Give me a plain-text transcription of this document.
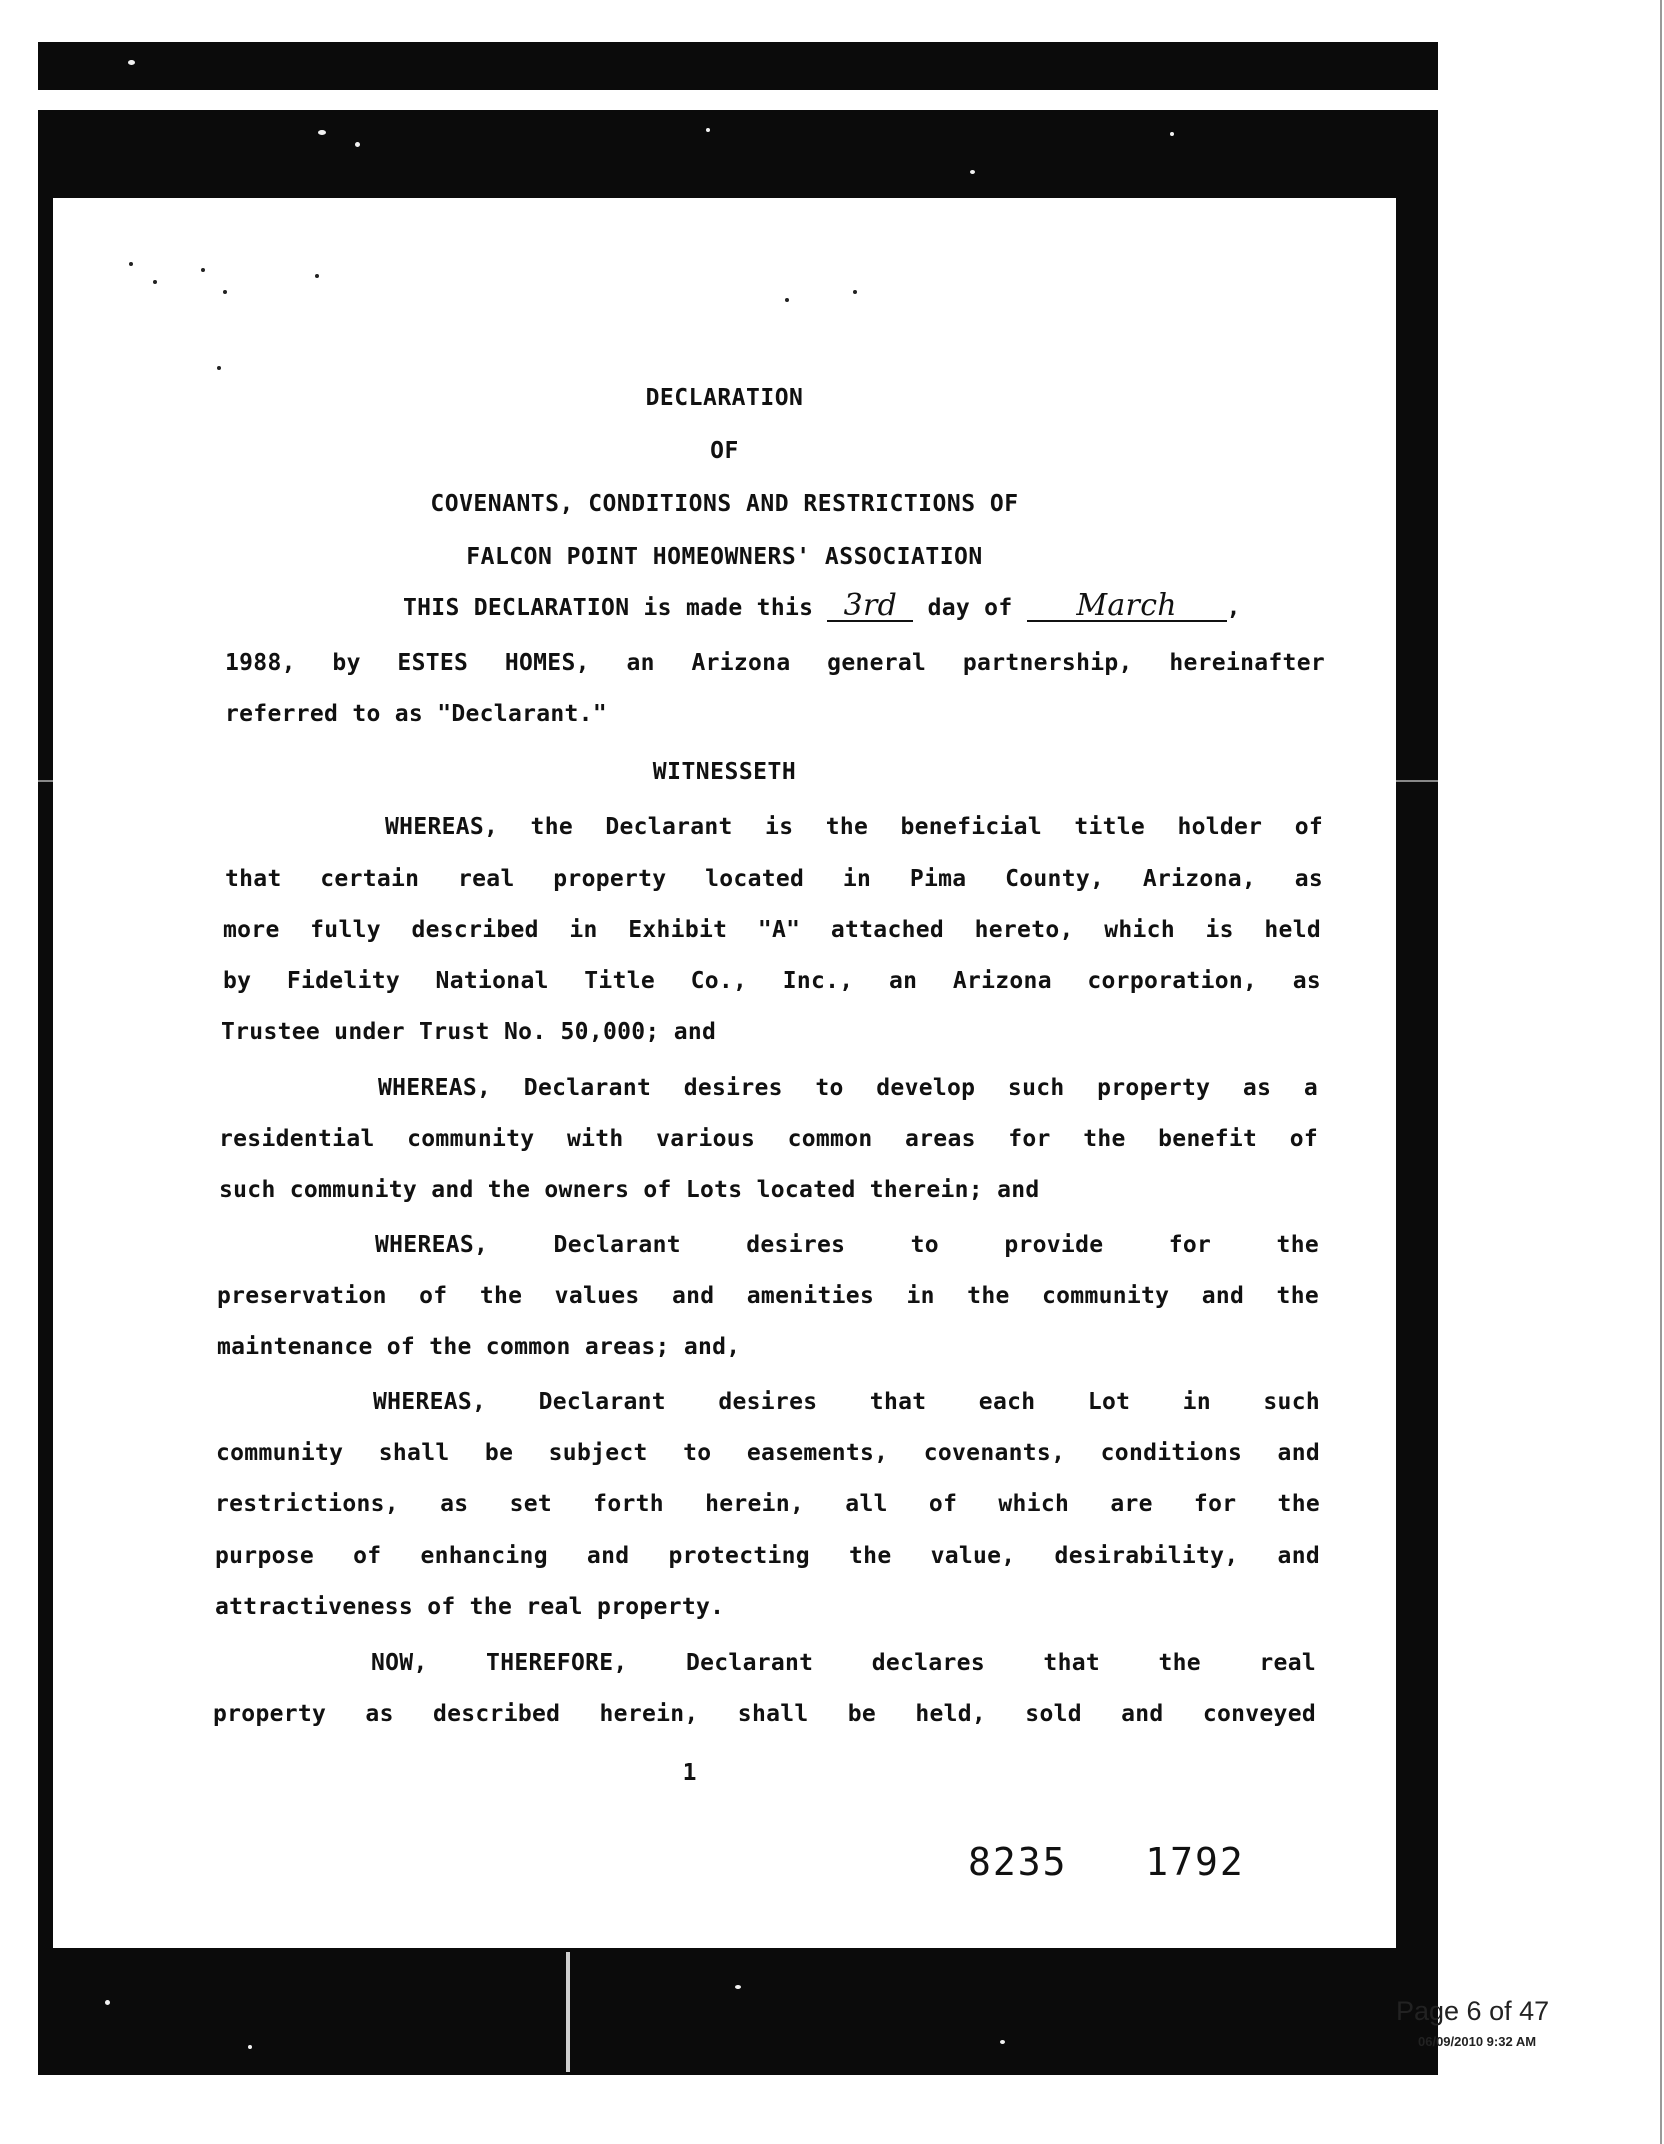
DECLARATION
OF
COVENANTS, CONDITIONS AND RESTRICTIONS OF
FALCON POINT HOMEOWNERS' ASSOCIATION
THIS DECLARATION is made this 3rd day of March ,
1988, by ESTES HOMES, an Arizona general partnership, hereinafter
referred to as "Declarant."
WITNESSETH
WHEREAS, the Declarant is the beneficial title holder of
that certain real property located in Pima County, Arizona, as
more fully described in Exhibit "A" attached hereto, which is held
by Fidelity National Title Co., Inc., an Arizona corporation, as
Trustee under Trust No. 50,000; and
WHEREAS, Declarant desires to develop such property as a
residential community with various common areas for the benefit of
such community and the owners of Lots located therein; and
WHEREAS, Declarant desires to provide for the
preservation of the values and amenities in the community and the
maintenance of the common areas; and,
WHEREAS, Declarant desires that each Lot in such
community shall be subject to easements, covenants, conditions and
restrictions, as set forth herein, all of which are for the
purpose of enhancing and protecting the value, desirability, and
attractiveness of the real property.
NOW, THEREFORE, Declarant declares that the real
property as described herein, shall be held, sold and conveyed
1
8235  1792
Page 6 of 47
06/09/2010 9:32 AM
